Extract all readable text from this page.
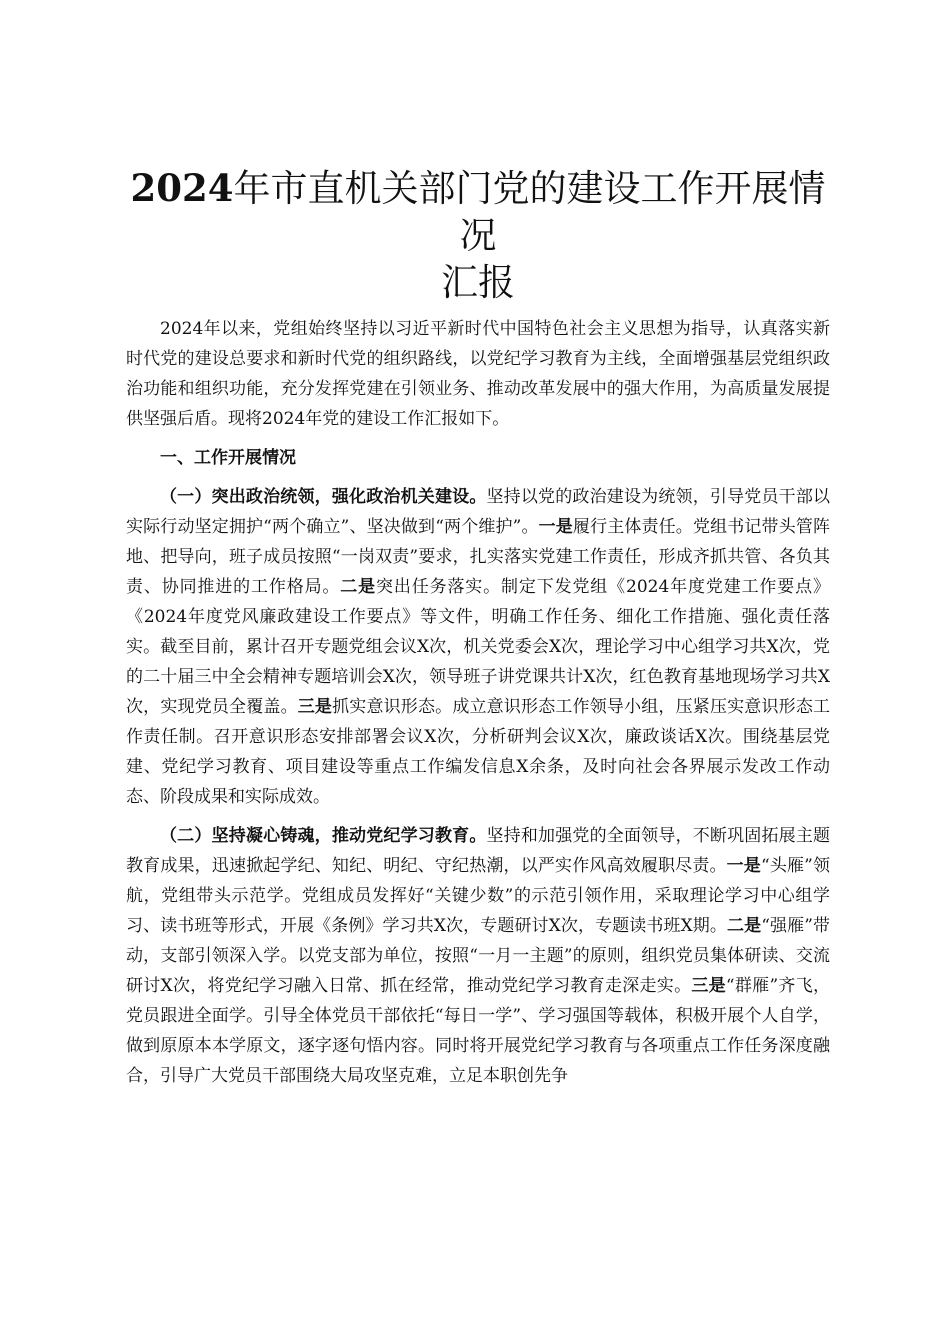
2024年市直机关部门党的建设工作开展情况
汇报

2024年以来，党组始终坚持以习近平新时代中国特色社会主义思想为指导，认真落实新时代党的建设总要求和新时代党的组织路线，以党纪学习教育为主线，全面增强基层党组织政治功能和组织功能，充分发挥党建在引领业务、推动改革发展中的强大作用，为高质量发展提供坚强后盾。现将2024年党的建设工作汇报如下。

一、工作开展情况

（一）突出政治统领，强化政治机关建设。坚持以党的政治建设为统领，引导党员干部以实际行动坚定拥护“两个确立”、坚决做到“两个维护”。一是履行主体责任。党组书记带头管阵地、把导向，班子成员按照“一岗双责”要求，扎实落实党建工作责任，形成齐抓共管、各负其责、协同推进的工作格局。二是突出任务落实。制定下发党组《2024年度党建工作要点》《2024年度党风廉政建设工作要点》等文件，明确工作任务、细化工作措施、强化责任落实。截至目前，累计召开专题党组会议X次，机关党委会X次，理论学习中心组学习共X次，党的二十届三中全会精神专题培训会X次，领导班子讲党课共计X次，红色教育基地现场学习共X次，实现党员全覆盖。三是抓实意识形态。成立意识形态工作领导小组，压紧压实意识形态工作责任制。召开意识形态安排部署会议X次，分析研判会议X次，廉政谈话X次。围绕基层党建、党纪学习教育、项目建设等重点工作编发信息X余条，及时向社会各界展示发改工作动态、阶段成果和实际成效。

（二）坚持凝心铸魂，推动党纪学习教育。坚持和加强党的全面领导，不断巩固拓展主题教育成果，迅速掀起学纪、知纪、明纪、守纪热潮，以严实作风高效履职尽责。一是“头雁”领航，党组带头示范学。党组成员发挥好“关键少数”的示范引领作用，采取理论学习中心组学习、读书班等形式，开展《条例》学习共X次，专题研讨X次，专题读书班X期。二是“强雁”带动，支部引领深入学。以党支部为单位，按照“一月一主题”的原则，组织党员集体研读、交流研讨X次，将党纪学习融入日常、抓在经常，推动党纪学习教育走深走实。三是“群雁”齐飞，党员跟进全面学。引导全体党员干部依托“每日一学”、学习强国等载体，积极开展个人自学，做到原原本本学原文，逐字逐句悟内容。同时将开展党纪学习教育与各项重点工作任务深度融合，引导广大党员干部围绕大局攻坚克难，立足本职创先争
